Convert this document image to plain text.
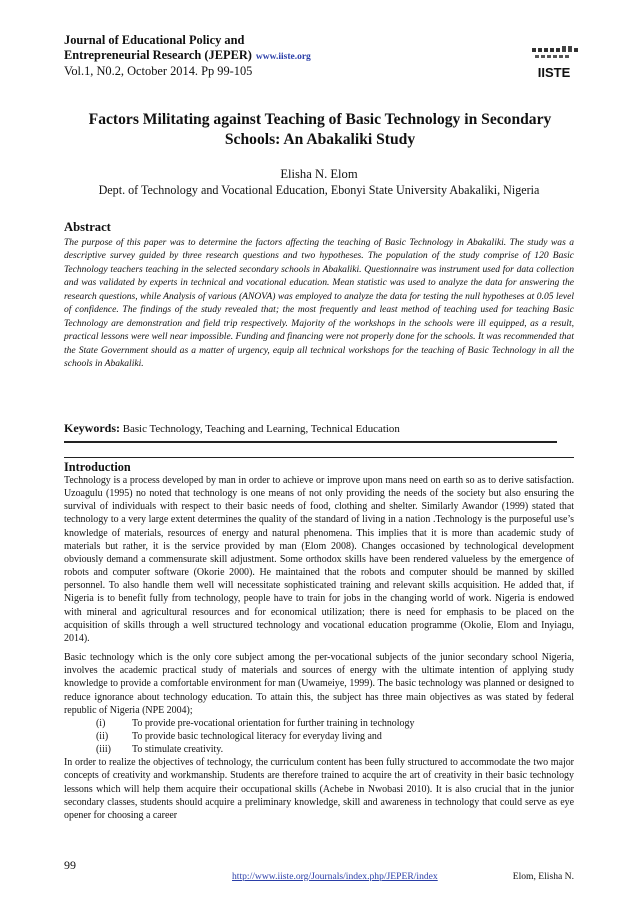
Journal of Educational Policy and
Entrepreneurial Research (JEPER) www.iiste.org
Vol.1, N0.2, October 2014. Pp 99-105	IISTE
Factors Militating against Teaching of Basic Technology in Secondary Schools: An Abakaliki Study
Elisha N. Elom
Dept. of Technology and Vocational Education, Ebonyi State University Abakaliki, Nigeria
Abstract
The purpose of this paper was to determine the factors affecting the teaching of Basic Technology in Abakaliki. The study was a descriptive survey guided by three research questions and two hypotheses. The population of the study comprise of 120 Basic Technology teachers teaching in the selected secondary schools in Abakaliki. Questionnaire was instrument used for data collection and was validated by experts in technical and vocational education. Mean statistic was used to analyze the data for answering the research questions, while Analysis of various (ANOVA) was employed to analyze the data for testing the null hypotheses at 0.05 level of confidence. The findings of the study revealed that; the most frequently and least method of teaching used for teaching Basic Technology are demonstration and field trip respectively. Majority of the workshops in the schools were ill equipped, as a result, practical lessons were well near impossible. Funding and financing were not properly done for the schools. It was recommended that the State Government should as a matter of urgency, equip all technical workshops for the teaching of Basic Technology in all the schools in Abakaliki.
Keywords: Basic Technology, Teaching and Learning, Technical Education
Introduction

Technology is a process developed by man in order to achieve or improve upon mans need on earth so as to derive satisfaction. Uzoagulu (1995) no noted that technology is one means of not only providing the needs of the society but also ensuring the survival of individuals with respect to their basic needs of food, clothing and shelter. Similarly Awandor (1999) stated that technology to a very large extent determines the quality of the standard of living in a nation .Technology is the purposeful use’s knowledge of materials, resources of energy and natural phenomena. This implies that it is more than academic study of materials but rather, it is the service provided by man (Elom 2008). Changes occasioned by technological development obviously demand a commensurate skill adjustment. Some orthodox skills have been rendered valueless by the emergence of robots and computer software (Okorie 2000). He maintained that the robots and computer should be manned by skilled personnel. To also handle them well will necessitate sophisticated training and relevant skills acquisition. He added that, if Nigeria is to benefit fully from technology, people have to train for jobs in the changing world of work. Nigeria is endowed with mineral and agricultural resources and for economical utilization; there is need for emphasis to be placed on the acquisition of skills through a well structured technology and vocational education programme (Okolie, Elom and Inyiagu, 2014).

Basic technology which is the only core subject among the per-vocational subjects of the junior secondary school Nigeria, involves the academic practical study of materials and sources of energy with the ultimate intention of applying study knowledge to provide a comfortable environment for man (Uwameiye, 1999). The basic technology was planned or designed to reduce ignorance about technology education. To attain this, the subject has three main objectives as was stated by federal republic of Nigeria (NPE 2004);
(i)	To provide pre-vocational orientation for further training in technology
(ii)	To provide basic technological literacy for everyday living and
(iii)	To stimulate creativity.
In order to realize the objectives of technology, the curriculum content has been fully structured to accommodate the two major concepts of creativity and workmanship. Students are therefore trained to acquire the art of creativity in their basic technology lessons which will help them acquire their occupational skills (Achebe in Nwobasi 2010). It is also crucial that in the junior secondary classes, students should acquire a preliminary knowledge, skill and awareness in technology that could serve as eye opener for choosing a career
99
http://www.iiste.org/Journals/index.php/JEPER/index	Elom, Elisha N.
